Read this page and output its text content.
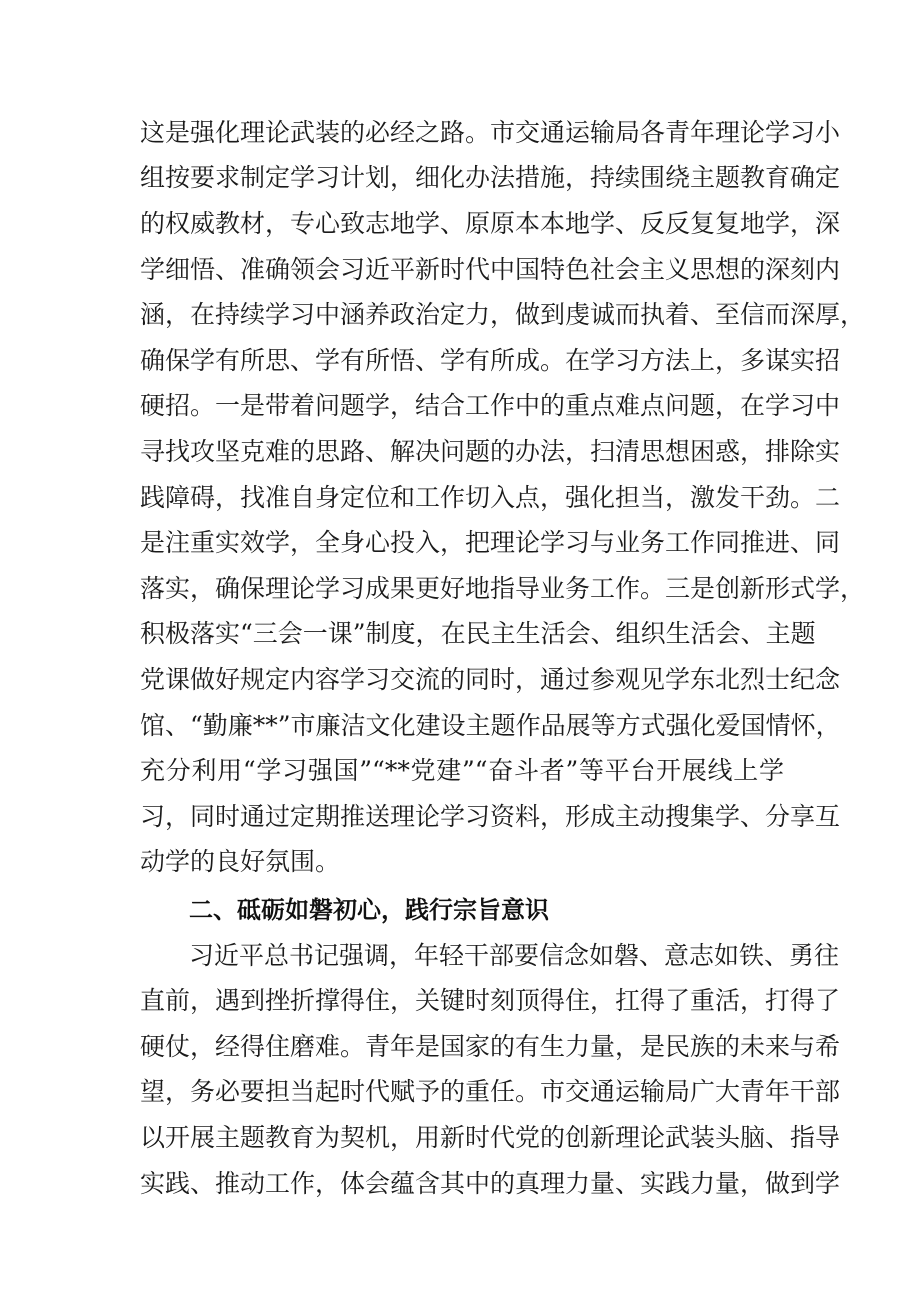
这是强化理论武装的必经之路。市交通运输局各青年理论学习小
组按要求制定学习计划，细化办法措施，持续围绕主题教育确定
的权威教材，专心致志地学、原原本本地学、反反复复地学，深
学细悟、准确领会习近平新时代中国特色社会主义思想的深刻内
涵，在持续学习中涵养政治定力，做到虔诚而执着、至信而深厚，
确保学有所思、学有所悟、学有所成。在学习方法上，多谋实招
硬招。一是带着问题学，结合工作中的重点难点问题，在学习中
寻找攻坚克难的思路、解决问题的办法，扫清思想困惑，排除实
践障碍，找准自身定位和工作切入点，强化担当，激发干劲。二
是注重实效学，全身心投入，把理论学习与业务工作同推进、同
落实，确保理论学习成果更好地指导业务工作。三是创新形式学，
积极落实“三会一课”制度，在民主生活会、组织生活会、主题
党课做好规定内容学习交流的同时，通过参观见学东北烈士纪念
馆、“勤廉**”市廉洁文化建设主题作品展等方式强化爱国情怀，
充分利用“学习强国”“**党建”“奋斗者”等平台开展线上学
习，同时通过定期推送理论学习资料，形成主动搜集学、分享互
动学的良好氛围。
二、砥砺如磐初心，践行宗旨意识
习近平总书记强调，年轻干部要信念如磐、意志如铁、勇往
直前，遇到挫折撑得住，关键时刻顶得住，扛得了重活，打得了
硬仗，经得住磨难。青年是国家的有生力量，是民族的未来与希
望，务必要担当起时代赋予的重任。市交通运输局广大青年干部
以开展主题教育为契机，用新时代党的创新理论武装头脑、指导
实践、推动工作，体会蕴含其中的真理力量、实践力量，做到学
